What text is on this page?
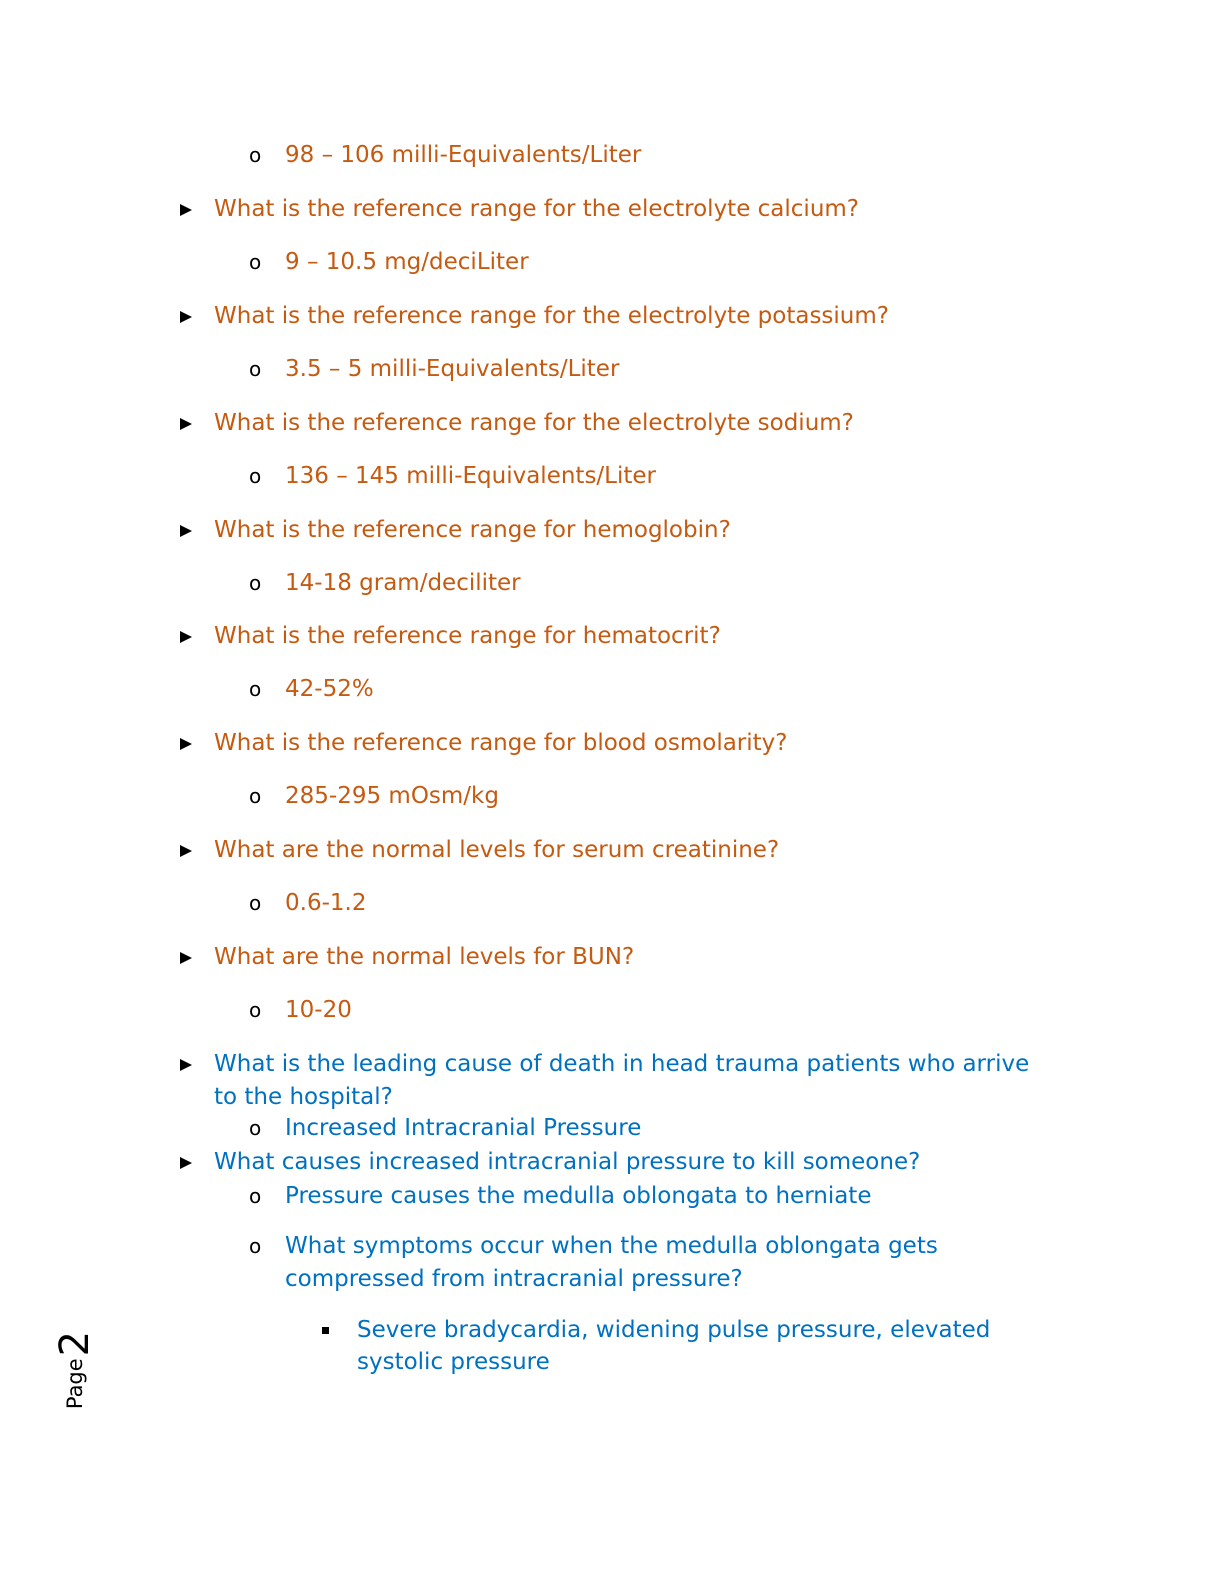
o 98 – 106 milli-Equivalents/Liter

What is the reference range for the electrolyte calcium?

o 9 – 10.5 mg/deciLiter

What is the reference range for the electrolyte potassium?

o 3.5 – 5 milli-Equivalents/Liter

What is the reference range for the electrolyte sodium?

o 136 – 145 milli-Equivalents/Liter

What is the reference range for hemoglobin?

o 14-18 gram/deciliter

What is the reference range for hematocrit?

o 42-52%

What is the reference range for blood osmolarity?

o 285-295 mOsm/kg

What are the normal levels for serum creatinine?

o 0.6-1.2

What are the normal levels for BUN?

o 10-20

What is the leading cause of death in head trauma patients who arrive

to the hospital?

o Increased Intracranial Pressure

What causes increased intracranial pressure to kill someone?

o Pressure causes the medulla oblongata to herniate

o What symptoms occur when the medulla oblongata gets

compressed from intracranial pressure?

Severe bradycardia, widening pulse pressure, elevated

systolic pressure

Page
2
